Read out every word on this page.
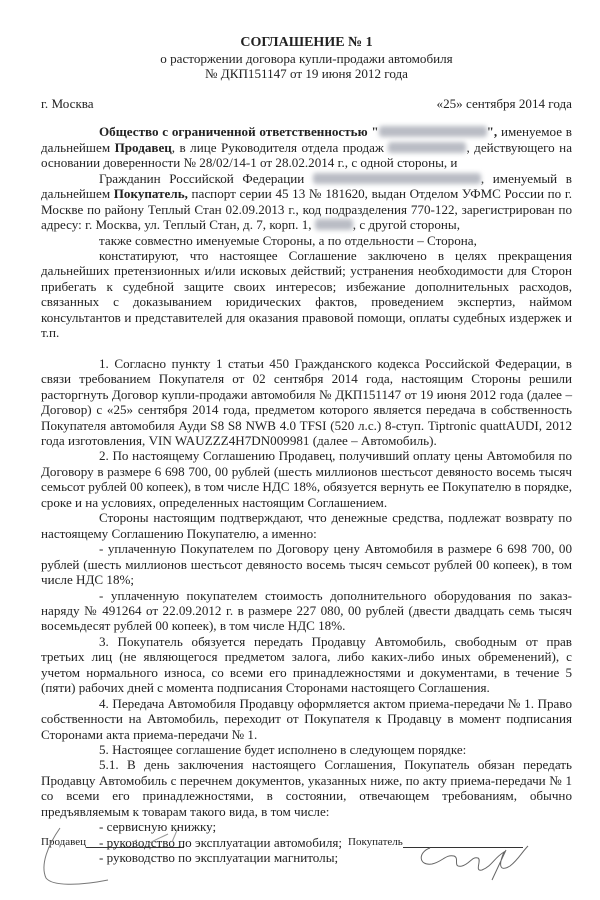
СОГЛАШЕНИЕ № 1
о расторжении договора купли-продажи автомобиля
№ ДКП151147 от 19 июня 2012 года
г. Москва	«25» сентября 2014 года

Общество с ограниченной ответственностью "	", именуемое в дальнейшем Продавец, в лице Руководителя отдела продаж	, действующего на основании доверенности № 28/02/14-1 от 28.02.2014 г., с одной стороны, и

Гражданин Российской Федерации	, именуемый в дальнейшем Покупатель, паспорт серии 45 13 № 181620, выдан Отделом УФМС России по г. Москве по району Теплый Стан 02.09.2013 г., код подразделения 770-122, зарегистрирован по адресу: г. Москва, ул. Теплый Стан, д. 7, корп. 1,	, с другой стороны,

также совместно именуемые Стороны, а по отдельности – Сторона,

констатируют, что настоящее Соглашение заключено в целях прекращения дальнейших претензионных и/или исковых действий; устранения необходимости для Сторон прибегать к судебной защите своих интересов; избежание дополнительных расходов, связанных с доказыванием юридических фактов, проведением экспертиз, наймом консультантов и представителей для оказания правовой помощи, оплаты судебных издержек и т.п.

1. Согласно пункту 1 статьи 450 Гражданского кодекса Российской Федерации, в связи требованием Покупателя от 02 сентября 2014 года, настоящим Стороны решили расторгнуть Договор купли-продажи автомобиля № ДКП151147 от 19 июня 2012 года (далее – Договор) с «25» сентября 2014 года, предметом которого является передача в собственность Покупателя автомобиля Ауди S8 S8 NWB 4.0 TFSI (520 л.с.) 8-ступ. Tiptronic quattAUDI, 2012 года изготовления, VIN WAUZZZ4H7DN009981 (далее – Автомобиль).

2. По настоящему Соглашению Продавец, получивший оплату цены Автомобиля по Договору в размере 6 698 700, 00 рублей (шесть миллионов шестьсот девяносто восемь тысяч семьсот рублей 00 копеек), в том числе НДС 18%, обязуется вернуть ее Покупателю в порядке, сроке и на условиях, определенных настоящим Соглашением.

Стороны настоящим подтверждают, что денежные средства, подлежат возврату по настоящему Соглашению Покупателю, а именно:

- уплаченную Покупателем по Договору цену Автомобиля в размере 6 698 700, 00 рублей (шесть миллионов шестьсот девяносто восемь тысяч семьсот рублей 00 копеек), в том числе НДС 18%;

- уплаченную покупателем стоимость дополнительного оборудования по заказ-наряду № 491264 от 22.09.2012 г. в размере 227 080, 00 рублей (двести двадцать семь тысяч восемьдесят рублей 00 копеек), в том числе НДС 18%.

3. Покупатель обязуется передать Продавцу Автомобиль, свободным от прав третьих лиц (не являющегося предметом залога, либо каких-либо иных обременений), с учетом нормального износа, со всеми его принадлежностями и документами, в течение 5 (пяти) рабочих дней с момента подписания Сторонами настоящего Соглашения.

4. Передача Автомобиля Продавцу оформляется актом приема-передачи № 1. Право собственности на Автомобиль, переходит от Покупателя к Продавцу в момент подписания Сторонами акта приема-передачи № 1.

5. Настоящее соглашение будет исполнено в следующем порядке:

5.1. В день заключения настоящего Соглашения, Покупатель обязан передать Продавцу Автомобиль с перечнем документов, указанных ниже, по акту приема-передачи № 1 со всеми его принадлежностями, в состоянии, отвечающем требованиям, обычно предъявляемым к товарам такого вида, в том числе:

- сервисную книжку;

- руководство по эксплуатации автомобиля;

- руководство по эксплуатации магнитолы;

Продавец	Покупатель
